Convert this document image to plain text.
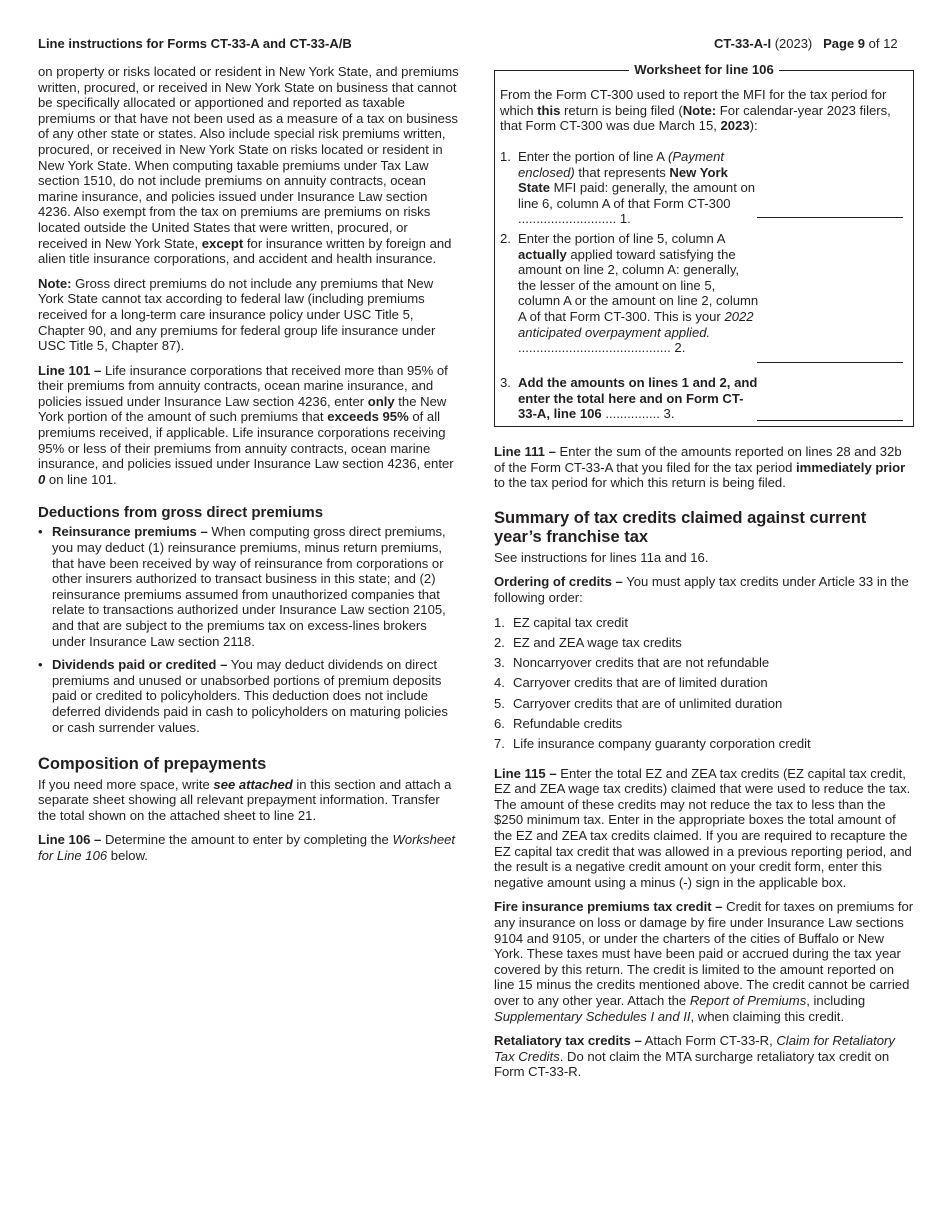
Line instructions for Forms CT-33-A and CT-33-A/B	CT-33-A-I (2023) Page 9 of 12

on property or risks located or resident in New York State, and premiums written, procured, or received in New York State on business that cannot be specifically allocated or apportioned and reported as taxable premiums or that have not been used as a measure of a tax on business of any other state or states. Also include special risk premiums written, procured, or received in New York State on risks located or resident in New York State. When computing taxable premiums under Tax Law section 1510, do not include premiums on annuity contracts, ocean marine insurance, and policies issued under Insurance Law section 4236. Also exempt from the tax on premiums are premiums on risks located outside the United States that were written, procured, or received in New York State, except for insurance written by foreign and alien title insurance corporations, and accident and health insurance.

Note: Gross direct premiums do not include any premiums that New York State cannot tax according to federal law (including premiums received for a long-term care insurance policy under USC Title 5, Chapter 90, and any premiums for federal group life insurance under USC Title 5, Chapter 87).

Line 101 – Life insurance corporations that received more than 95% of their premiums from annuity contracts, ocean marine insurance, and policies issued under Insurance Law section 4236, enter only the New York portion of the amount of such premiums that exceeds 95% of all premiums received, if applicable. Life insurance corporations receiving 95% or less of their premiums from annuity contracts, ocean marine insurance, and policies issued under Insurance Law section 4236, enter 0 on line 101.

Deductions from gross direct premiums
• Reinsurance premiums – When computing gross direct premiums, you may deduct (1) reinsurance premiums, minus return premiums, that have been received by way of reinsurance from corporations or other insurers authorized to transact business in this state; and (2) reinsurance premiums assumed from unauthorized companies that relate to transactions authorized under Insurance Law section 2105, and that are subject to the premiums tax on excess-lines brokers under Insurance Law section 2118.
• Dividends paid or credited – You may deduct dividends on direct premiums and unused or unabsorbed portions of premium deposits paid or credited to policyholders. This deduction does not include deferred dividends paid in cash to policyholders on maturing policies or cash surrender values.
Composition of prepayments

If you need more space, write see attached in this section and attach a separate sheet showing all relevant prepayment information. Transfer the total shown on the attached sheet to line 21.

Line 106 – Determine the amount to enter by completing the Worksheet for Line 106 below.

Worksheet for line 106
From the Form CT-300 used to report the MFI for the tax period for which this return is being filed (Note: For calendar-year 2023 filers, that Form CT-300 was due March 15, 2023):
1. Enter the portion of line A (Payment enclosed) that represents New York State MFI paid: generally, the amount on line 6, column A of that Form CT-300 ........................... 1.
2. Enter the portion of line 5, column A actually applied toward satisfying the amount on line 2, column A: generally, the lesser of the amount on line 5, column A or the amount on line 2, column A of that Form CT-300. This is your 2022 anticipated overpayment applied. .......................................... 2.
3. Add the amounts on lines 1 and 2, and enter the total here and on Form CT-33-A, line 106 ............... 3.

Line 111 – Enter the sum of the amounts reported on lines 28 and 32b of the Form CT-33-A that you filed for the tax period immediately prior to the tax period for which this return is being filed.

Summary of tax credits claimed against current year’s franchise tax

See instructions for lines 11a and 16.

Ordering of credits – You must apply tax credits under Article 33 in the following order:

1. EZ capital tax credit
2. EZ and ZEA wage tax credits
3. Noncarryover credits that are not refundable
4. Carryover credits that are of limited duration
5. Carryover credits that are of unlimited duration
6. Refundable credits
7. Life insurance company guaranty corporation credit

Line 115 – Enter the total EZ and ZEA tax credits (EZ capital tax credit, EZ and ZEA wage tax credits) claimed that were used to reduce the tax. The amount of these credits may not reduce the tax to less than the $250 minimum tax. Enter in the appropriate boxes the total amount of the EZ and ZEA tax credits claimed. If you are required to recapture the EZ capital tax credit that was allowed in a previous reporting period, and the result is a negative credit amount on your credit form, enter this negative amount using a minus (-) sign in the applicable box.

Fire insurance premiums tax credit – Credit for taxes on premiums for any insurance on loss or damage by fire under Insurance Law sections 9104 and 9105, or under the charters of the cities of Buffalo or New York. These taxes must have been paid or accrued during the tax year covered by this return. The credit is limited to the amount reported on line 15 minus the credits mentioned above. The credit cannot be carried over to any other year. Attach the Report of Premiums, including Supplementary Schedules I and II, when claiming this credit.

Retaliatory tax credits – Attach Form CT-33-R, Claim for Retaliatory Tax Credits. Do not claim the MTA surcharge retaliatory tax credit on Form CT-33-R.
